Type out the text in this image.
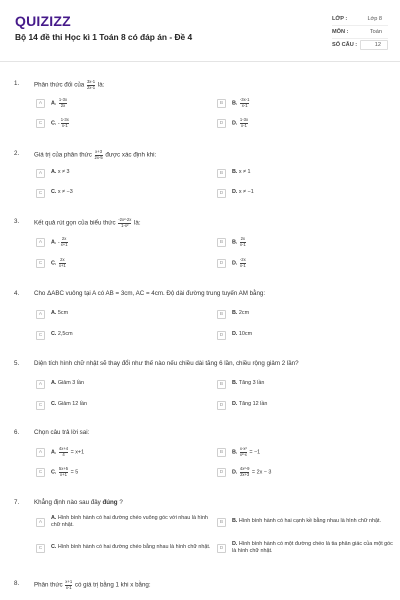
QUIZIZZ
Bộ 14 đề thi Học kì 1 Toán 8 có đáp án - Đề 4
LỚP :	Lớp 8
MÔN :	Toán
SỐ CÂU :	12
1. Phân thức đối của $\frac{3x-1}{2x-1}$ là:
A	A. $\frac{1-3x}{2x}$	B	B. $\frac{-3x-1}{x-1}$
C	C. - $\frac{1-3x}{x-1}$	D	D. $\frac{1-3x}{x-1}$
2. Giá trị của phân thức $\frac{x+3}{2x-5}$ được xác định khi:
A	A. x ≠ 3	B	B. x ≠ 1
C	C. x ≠ −3	D	D. x ≠ −1
3. Kết quả rút gọn của biểu thức $\frac{\text{-2x²-2x}}{\text{1-x²}}$ là:
A	A. - $\frac{2x}{x+1}$	B	B. $\frac{2x}{x-1}$
C	C. $\frac{2x}{x+1}$	D	D. $\frac{-2x}{x-1}$
4. Cho ΔABC vuông tại A có AB = 3cm, AC = 4cm. Độ dài đường trung tuyến AM bằng:
A	A. 5cm	B	B. 2cm
C	C. 2,5cm	D	D. 10cm
5. Diện tích hình chữ nhật sẽ thay đổi như thế nào nếu chiều dài tăng 6 lần, chiều rộng giảm 2 lần?
A	A. Giảm 3 lần	B	B. Tăng 3 lần
C	C. Giảm 12 lần	D	D. Tăng 12 lần
6. Chọn câu trả lời sai:
A	A. $\frac{4x+4}{4} = x+1$	B	B. $\frac{\text{x-x²}}{\text{x²-x}} = -1$
C	C. $\frac{5x+5}{x+1} = 5$	D	D. $\frac{\text{4x²-9}}{2x+3} = 2x - 3$
7. Khẳng định nào sau đây đúng ?
A
A. Hình bình hành có hai đường chéo vuông góc với nhau là hình chữ nhật.	B	B. Hình bình hành có hai cạnh kề bằng nhau là hình chữ nhật.
C	C. Hình bình hành có hai đường chéo bằng nhau là hình chữ nhật.	D
D. Hình bình hành có một đường chéo là tia phân giác của một góc là hình chữ nhật.
8. Phân thức $\frac{x+1}{x-1}$ có giá trị bằng 1 khi x bằng:
